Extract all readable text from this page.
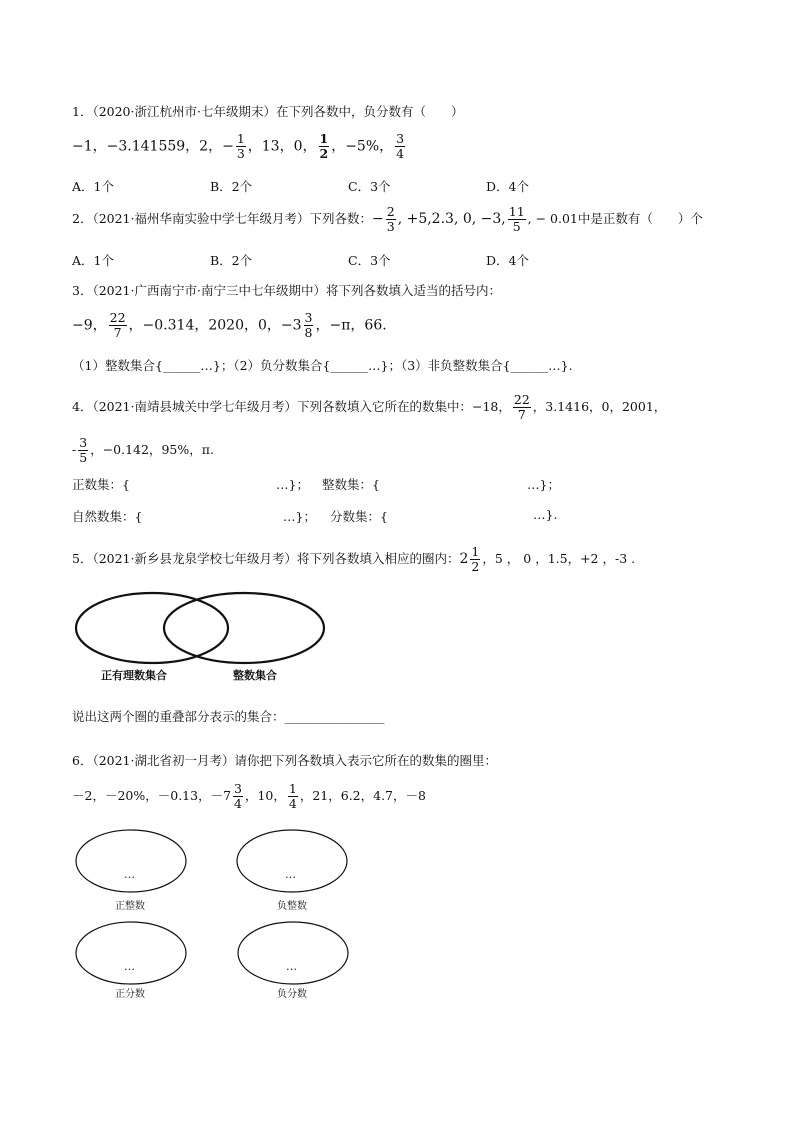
1．（2020·浙江杭州市·七年级期末）在下列各数中，负分数有（　　）
−1，−3.141559，2，− $\frac{1}{3}$ ，13，0， $\frac{1}{2}$ ，−5%， $\frac{3}{4}$
A．1个	B．2个	C．3个	D．4个
2．（2021·福州华南实验中学七年级月考）下列各数：− $\frac{2}{3}$ , +5,2.3, 0, −3, $\frac{11}{5}$ , − 0.01中是正数有（　　）个
A．1个	B．2个	C．3个	D．4个
3．（2021·广西南宁市·南宁三中七年级期中）将下列各数填入适当的括号内：
−9， $\frac{22}{7}$ ，−0.314，2020，0，$-3 \frac{3}{8}$ ，−π，66.
（1）整数集合{______…}；（2）负分数集合{______…}；（3）非负整数集合{______…}.
4．（2021·南靖县城关中学七年级月考）下列各数填入它所在的数集中：−18， $\frac{22}{7}$ ，3.1416，0，2001，
- $\frac{3}{5}$ ，−0.142，95%，π.
正数集：{	…}； 整数集：{	…}；
自然数集：{	…}； 分数集：{	…}.
5．（2021·新乡县龙泉学校七年级月考）将下列各数填入相应的圈内：$2 \frac{1}{2}$ ，5 ， 0 ，1.5，+2 ，-3 .
正有理数集合	整数集合
说出这两个圈的重叠部分表示的集合：________________
6．（2021·湖北省初一月考）请你把下列各数填入表示它所在的数集的圈里：
－2，－20%，－0.13，$-7 \frac{3}{4}$ ，10， $\frac{1}{4}$ ，21，6.2，4.7，－8
…	…
…	…
正整数	负整数
正分数	负分数
